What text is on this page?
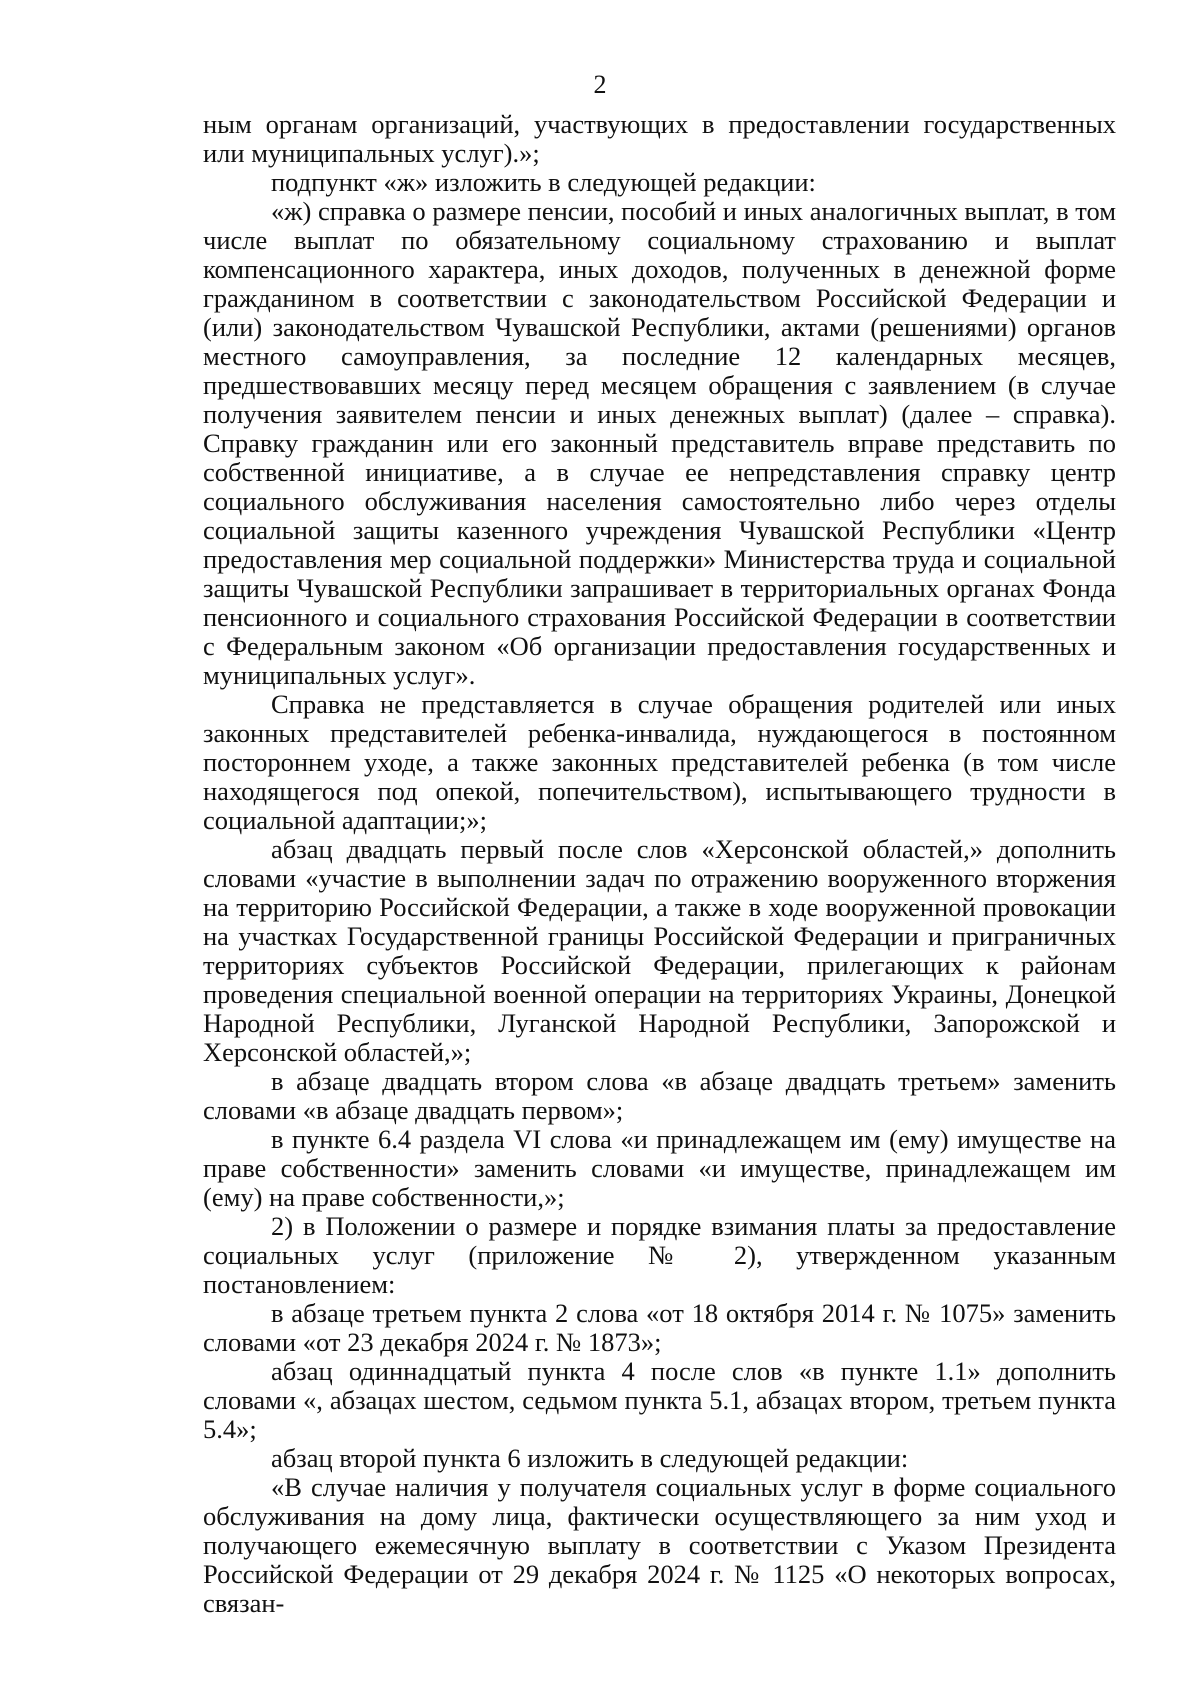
2

ным органам организаций, участвующих в предоставлении государственных или муниципальных услуг).»;

подпункт «ж» изложить в следующей редакции:

«ж) справка о размере пенсии, пособий и иных аналогичных выплат, в том числе выплат по обязательному социальному страхованию и выплат компенсационного характера, иных доходов, полученных в денежной форме гражданином в соответствии с законодательством Российской Федерации и (или) законодательством Чувашской Республики, актами (решениями) органов местного самоуправления, за последние 12 календарных месяцев, предшествовавших месяцу перед месяцем обращения с заявлением (в случае получения заявителем пенсии и иных денежных выплат) (далее – справка). Справку гражданин или его законный представитель вправе представить по собственной инициативе, а в случае ее непредставления справку центр социального обслуживания населения самостоятельно либо через отделы социальной защиты казенного учреждения Чувашской Республики «Центр предоставления мер социальной поддержки» Министерства труда и социальной защиты Чувашской Республики запрашивает в территориальных органах Фонда пенсионного и социального страхования Российской Федерации в соответствии с Федеральным законом «Об организации предоставления государственных и муниципальных услуг».

Справка не представляется в случае обращения родителей или иных законных представителей ребенка-инвалида, нуждающегося в постоянном постороннем уходе, а также законных представителей ребенка (в том числе находящегося под опекой, попечительством), испытывающего трудности в социальной адаптации;»;

абзац двадцать первый после слов «Херсонской областей,» дополнить словами «участие в выполнении задач по отражению вооруженного вторжения на территорию Российской Федерации, а также в ходе вооруженной провокации на участках Государственной границы Российской Федерации и приграничных территориях субъектов Российской Федерации, прилегающих к районам проведения специальной военной операции на территориях Украины, Донецкой Народной Республики, Луганской Народной Республики, Запорожской и Херсонской областей,»;

в абзаце двадцать втором слова «в абзаце двадцать третьем» заменить словами «в абзаце двадцать первом»;

в пункте 6.4 раздела VI слова «и принадлежащем им (ему) имуществе на праве собственности» заменить словами «и имуществе, принадлежащем им (ему) на праве собственности,»;

2) в Положении о размере и порядке взимания платы за предоставление социальных услуг (приложение № 2), утвержденном указанным постановлением:

в абзаце третьем пункта 2 слова «от 18 октября 2014 г. № 1075» заменить словами «от 23 декабря 2024 г. № 1873»;

абзац одиннадцатый пункта 4 после слов «в пункте 1.1» дополнить словами «, абзацах шестом, седьмом пункта 5.1, абзацах втором, третьем пункта 5.4»;

абзац второй пункта 6 изложить в следующей редакции:

«В случае наличия у получателя социальных услуг в форме социального обслуживания на дому лица, фактически осуществляющего за ним уход и получающего ежемесячную выплату в соответствии с Указом Президента Российской Федерации от 29 декабря 2024 г. № 1125 «О некоторых вопросах, связан-
